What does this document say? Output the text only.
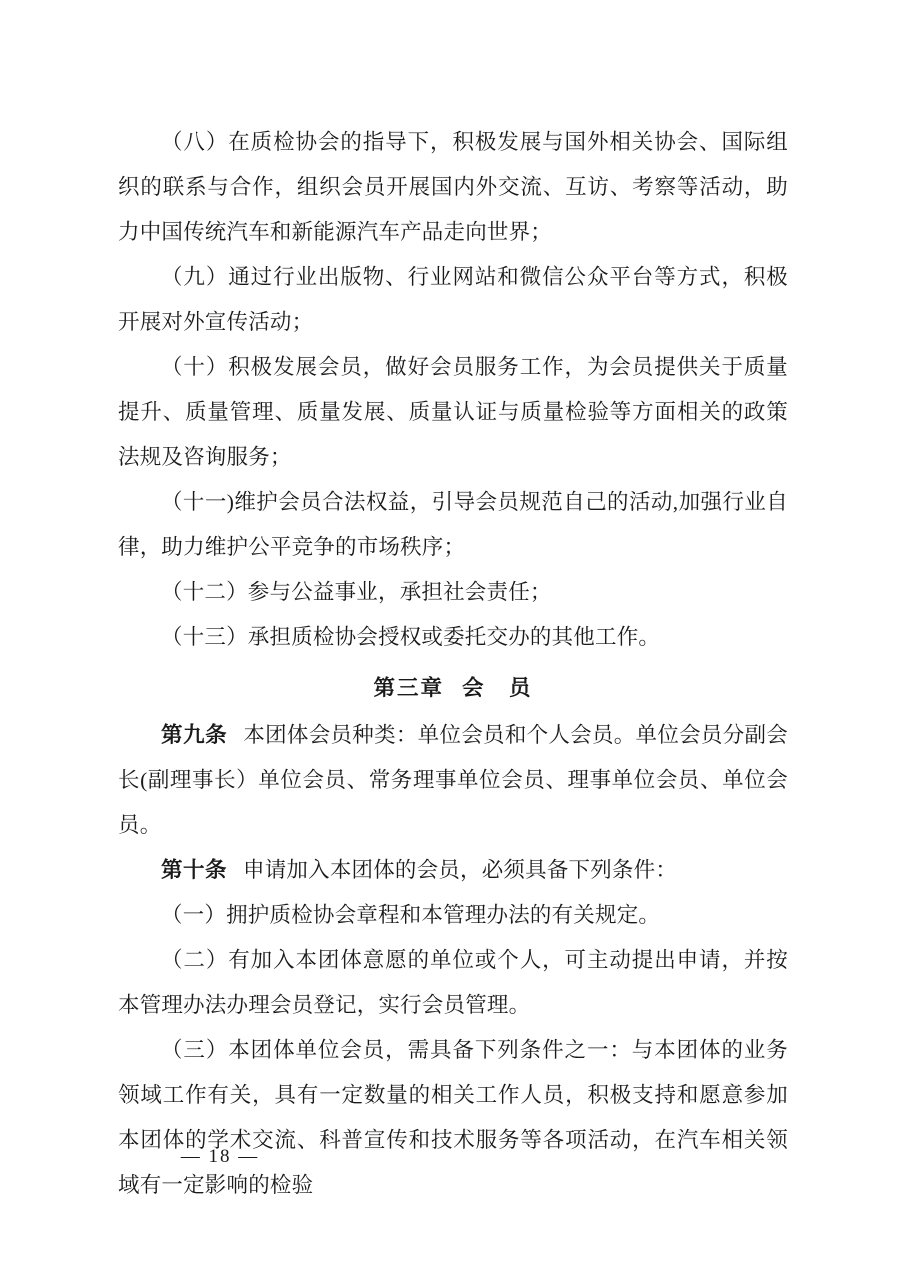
（八）在质检协会的指导下，积极发展与国外相关协会、国际组织的联系与合作，组织会员开展国内外交流、互访、考察等活动，助力中国传统汽车和新能源汽车产品走向世界；

（九）通过行业出版物、行业网站和微信公众平台等方式，积极开展对外宣传活动；

（十）积极发展会员，做好会员服务工作，为会员提供关于质量提升、质量管理、质量发展、质量认证与质量检验等方面相关的政策法规及咨询服务；

（十一)维护会员合法权益，引导会员规范自己的活动,加强行业自律，助力维护公平竞争的市场秩序；

（十二）参与公益事业，承担社会责任；

（十三）承担质检协会授权或委托交办的其他工作。

第三章 会　员

第九条 本团体会员种类：单位会员和个人会员。单位会员分副会长(副理事长）单位会员、常务理事单位会员、理事单位会员、单位会员。

第十条 申请加入本团体的会员，必须具备下列条件：

（一）拥护质检协会章程和本管理办法的有关规定。

（二）有加入本团体意愿的单位或个人，可主动提出申请，并按本管理办法办理会员登记，实行会员管理。

（三）本团体单位会员，需具备下列条件之一：与本团体的业务领域工作有关，具有一定数量的相关工作人员，积极支持和愿意参加本团体的学术交流、科普宣传和技术服务等各项活动，在汽车相关领域有一定影响的检验

— 18 —
